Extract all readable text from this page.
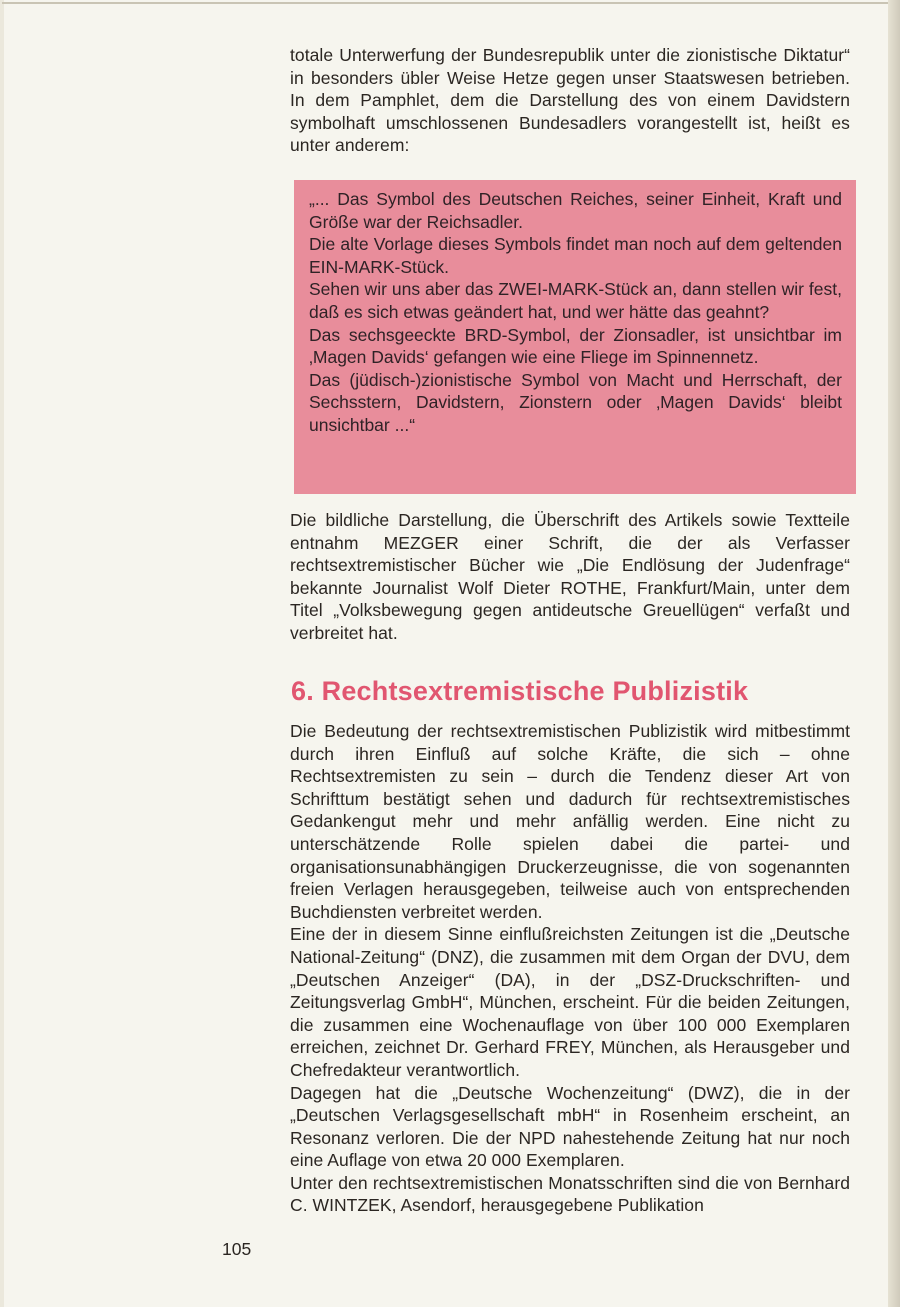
totale Unterwerfung der Bundesrepublik unter die zionistische Diktatur“ in besonders übler Weise Hetze gegen unser Staatswesen betrieben. In dem Pamphlet, dem die Darstellung des von einem Davidstern symbolhaft umschlossenen Bundesadlers vorangestellt ist, heißt es unter anderem:

„... Das Symbol des Deutschen Reiches, seiner Einheit, Kraft und Größe war der Reichsadler.

Die alte Vorlage dieses Symbols findet man noch auf dem geltenden EIN-MARK-Stück.

Sehen wir uns aber das ZWEI-MARK-Stück an, dann stellen wir fest, daß es sich etwas geändert hat, und wer hätte das geahnt?

Das sechsgeeckte BRD-Symbol, der Zionsadler, ist unsichtbar im ‚Magen Davids‘ gefangen wie eine Fliege im Spinnennetz.

Das (jüdisch-)zionistische Symbol von Macht und Herrschaft, der Sechsstern, Davidstern, Zionstern oder ‚Magen Davids‘ bleibt unsichtbar ...“

Die bildliche Darstellung, die Überschrift des Artikels sowie Textteile entnahm MEZGER einer Schrift, die der als Verfasser rechtsextremistischer Bücher wie „Die Endlösung der Judenfrage“ bekannte Journalist Wolf Dieter ROTHE, Frankfurt/Main, unter dem Titel „Volksbewegung gegen antideutsche Greuellügen“ verfaßt und verbreitet hat.

6. Rechtsextremistische Publizistik

Die Bedeutung der rechtsextremistischen Publizistik wird mitbestimmt durch ihren Einfluß auf solche Kräfte, die sich – ohne Rechtsextremisten zu sein – durch die Tendenz dieser Art von Schrifttum bestätigt sehen und dadurch für rechtsextremistisches Gedankengut mehr und mehr anfällig werden. Eine nicht zu unterschätzende Rolle spielen dabei die partei- und organisationsunabhängigen Druckerzeugnisse, die von sogenannten freien Verlagen herausgegeben, teilweise auch von entsprechenden Buchdiensten verbreitet werden.

Eine der in diesem Sinne einflußreichsten Zeitungen ist die „Deutsche National-Zeitung“ (DNZ), die zusammen mit dem Organ der DVU, dem „Deutschen Anzeiger“ (DA), in der „DSZ-Druckschriften- und Zeitungsverlag GmbH“, München, erscheint. Für die beiden Zeitungen, die zusammen eine Wochenauflage von über 100 000 Exemplaren erreichen, zeichnet Dr. Gerhard FREY, München, als Herausgeber und Chefredakteur verantwortlich.

Dagegen hat die „Deutsche Wochenzeitung“ (DWZ), die in der „Deutschen Verlagsgesellschaft mbH“ in Rosenheim erscheint, an Resonanz verloren. Die der NPD nahestehende Zeitung hat nur noch eine Auflage von etwa 20 000 Exemplaren.

Unter den rechtsextremistischen Monatsschriften sind die von Bernhard C. WINTZEK, Asendorf, herausgegebene Publikation

105
